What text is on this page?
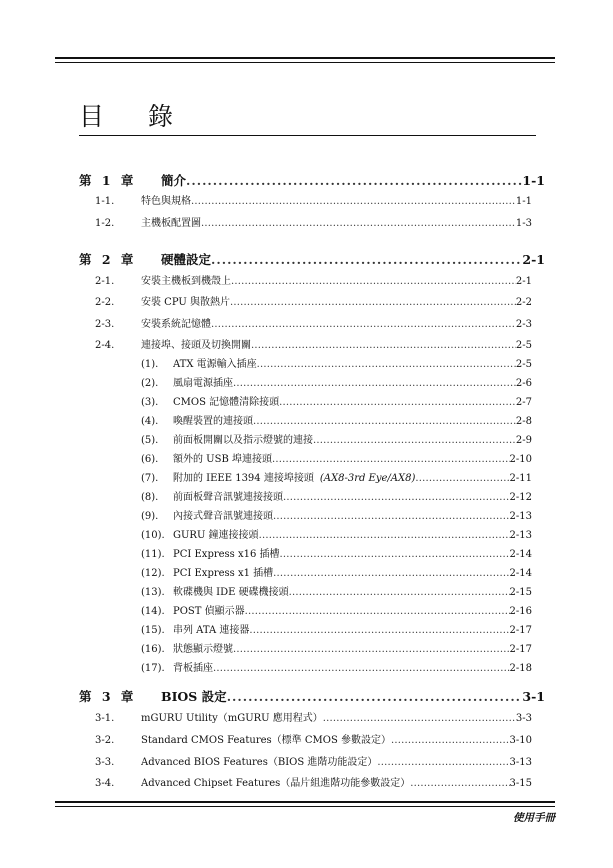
目 錄
第 1 章 簡介 .....	1-1
1-1.	特色與規格 .....	1-1
1-2.	主機板配置圖 .....	1-3
第 2 章 硬體設定 .....	2-1
2-1.	安裝主機板到機殼上 .....	2-1
2-2.	安裝 CPU 與散熱片 .....	2-2
2-3.	安裝系統記憶體 .....	2-3
2-4.	連接埠、接頭及切換開關 .....	2-5
(1). ATX 電源輸入插座 .....	2-5
(2). 風扇電源插座 .....	2-6
(3). CMOS 記憶體清除接頭 .....	2-7
(4). 喚醒裝置的連接頭 .....	2-8
(5). 前面板開關以及指示燈號的連接 .....	2-9
(6). 額外的 USB 埠連接頭 .....	2-10
(7). 附加的 IEEE 1394 連接埠接頭 (AX8-3rd Eye/AX8) .....	2-11
(8). 前面板聲音訊號連接接頭 .....	2-12
(9). 內接式聲音訊號連接頭 .....	2-13
(10). GURU 鐘連接接頭 .....	2-13
(11). PCI Express x16 插槽 .....	2-14
(12). PCI Express x1 插槽 .....	2-14
(13). 軟碟機與 IDE 硬碟機接頭 .....	2-15
(14). POST 偵顯示器 .....	2-16
(15). 串列 ATA 連接器 .....	2-17
(16). 狀態顯示燈號 .....	2-17
(17). 背板插座 .....	2-18
第 3 章 BIOS 設定 .....	3-1
3-1.	mGURU Utility（mGURU 應用程式） .....	3-3
3-2.	Standard CMOS Features（標準 CMOS 參數設定） .....	3-10
3-3.	Advanced BIOS Features（BIOS 進階功能設定） .....	3-13
3-4.	Advanced Chipset Features（晶片組進階功能參數設定） .....	3-15
使用手冊
